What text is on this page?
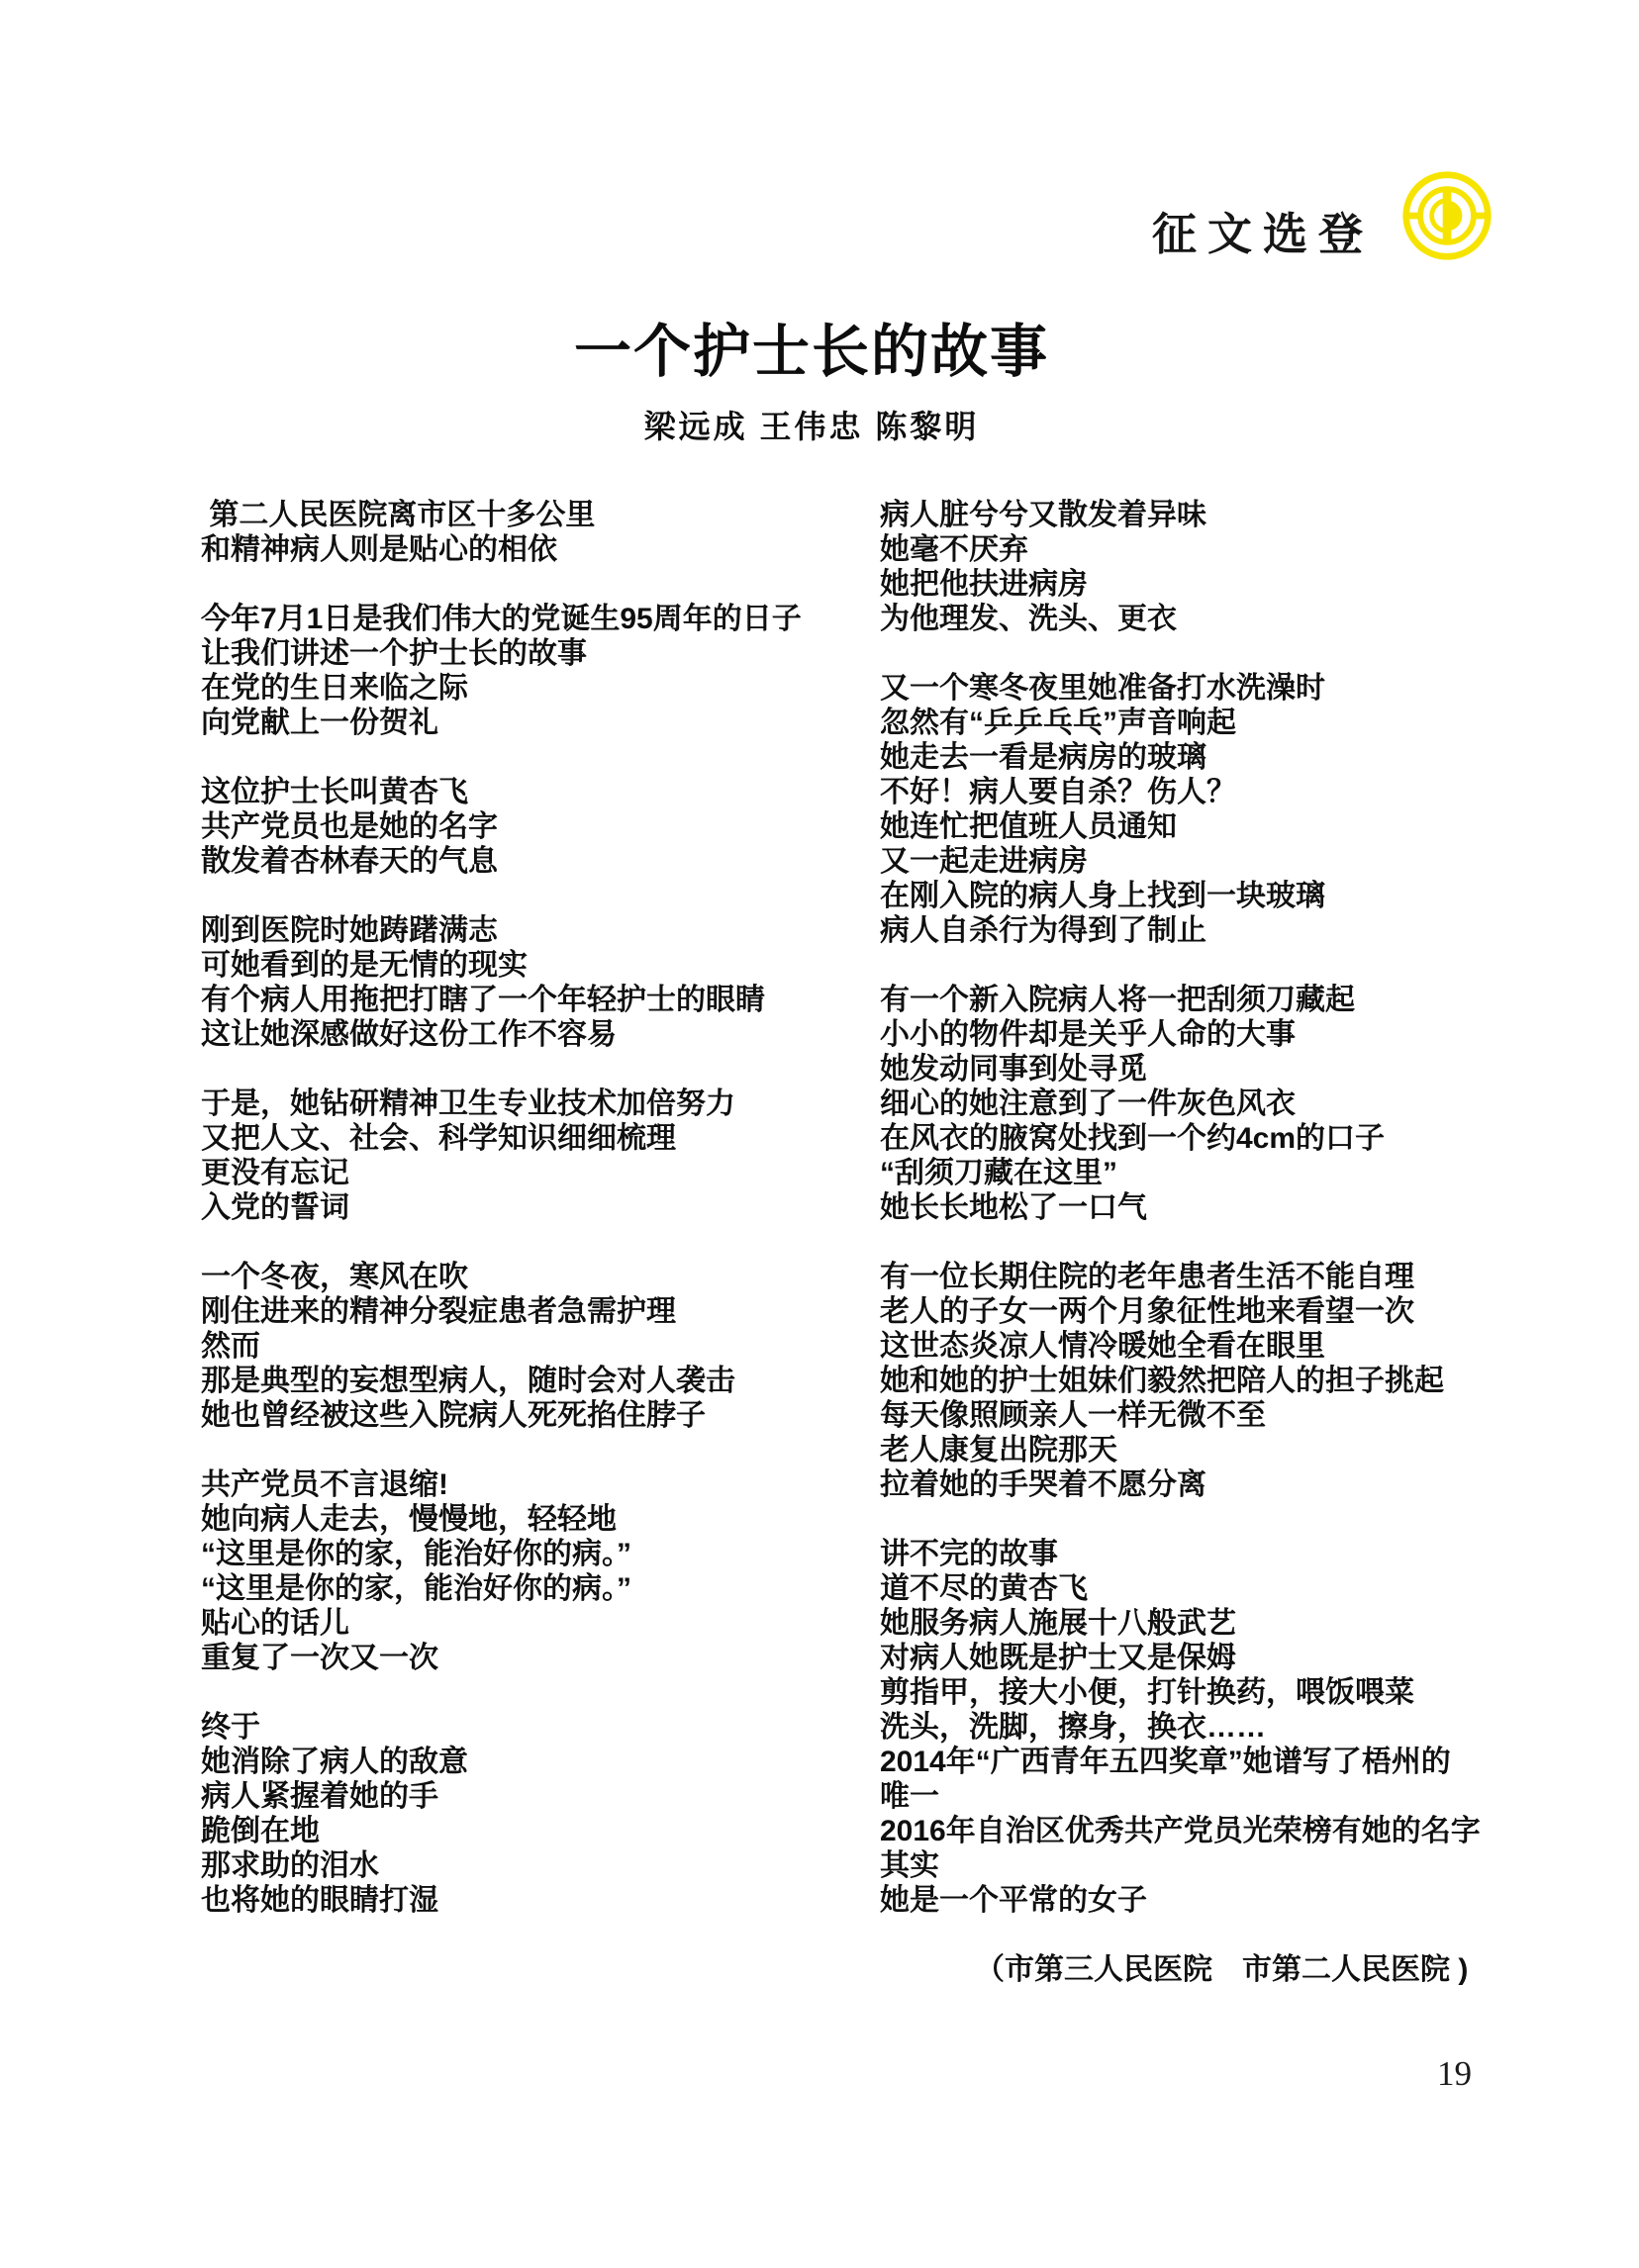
征文选登
一个护士长的故事
梁远成 王伟忠 陈黎明
第二人民医院离市区十多公里
和精神病人则是贴心的相依
今年7月1日是我们伟大的党诞生95周年的日子
让我们讲述一个护士长的故事
在党的生日来临之际
向党献上一份贺礼
这位护士长叫黄杏飞
共产党员也是她的名字
散发着杏林春天的气息
刚到医院时她踌躇满志
可她看到的是无情的现实
有个病人用拖把打瞎了一个年轻护士的眼睛
这让她深感做好这份工作不容易
于是，她钻研精神卫生专业技术加倍努力
又把人文、社会、科学知识细细梳理
更没有忘记
入党的誓词
一个冬夜，寒风在吹
刚住进来的精神分裂症患者急需护理
然而
那是典型的妄想型病人，随时会对人袭击
她也曾经被这些入院病人死死掐住脖子
共产党员不言退缩!
她向病人走去，慢慢地，轻轻地
“这里是你的家，能治好你的病。”
“这里是你的家，能治好你的病。”
贴心的话儿
重复了一次又一次
终于
她消除了病人的敌意
病人紧握着她的手
跪倒在地
那求助的泪水
也将她的眼睛打湿
病人脏兮兮又散发着异味
她毫不厌弃
她把他扶进病房
为他理发、洗头、更衣
又一个寒冬夜里她准备打水洗澡时
忽然有“乒乒乓乓”声音响起
她走去一看是病房的玻璃
不好！病人要自杀？伤人？
她连忙把值班人员通知
又一起走进病房
在刚入院的病人身上找到一块玻璃
病人自杀行为得到了制止
有一个新入院病人将一把刮须刀藏起
小小的物件却是关乎人命的大事
她发动同事到处寻觅
细心的她注意到了一件灰色风衣
在风衣的腋窝处找到一个约4cm的口子
“刮须刀藏在这里”
她长长地松了一口气
有一位长期住院的老年患者生活不能自理
老人的子女一两个月象征性地来看望一次
这世态炎凉人情冷暖她全看在眼里
她和她的护士姐妹们毅然把陪人的担子挑起
每天像照顾亲人一样无微不至
老人康复出院那天
拉着她的手哭着不愿分离
讲不完的故事
道不尽的黄杏飞
她服务病人施展十八般武艺
对病人她既是护士又是保姆
剪指甲，接大小便，打针换药，喂饭喂菜
洗头，洗脚，擦身，换衣……
2014年“广西青年五四奖章”她谱写了梧州的
唯一
2016年自治区优秀共产党员光荣榜有她的名字
其实
她是一个平常的女子
（市第三人民医院　市第二人民医院 )
19
